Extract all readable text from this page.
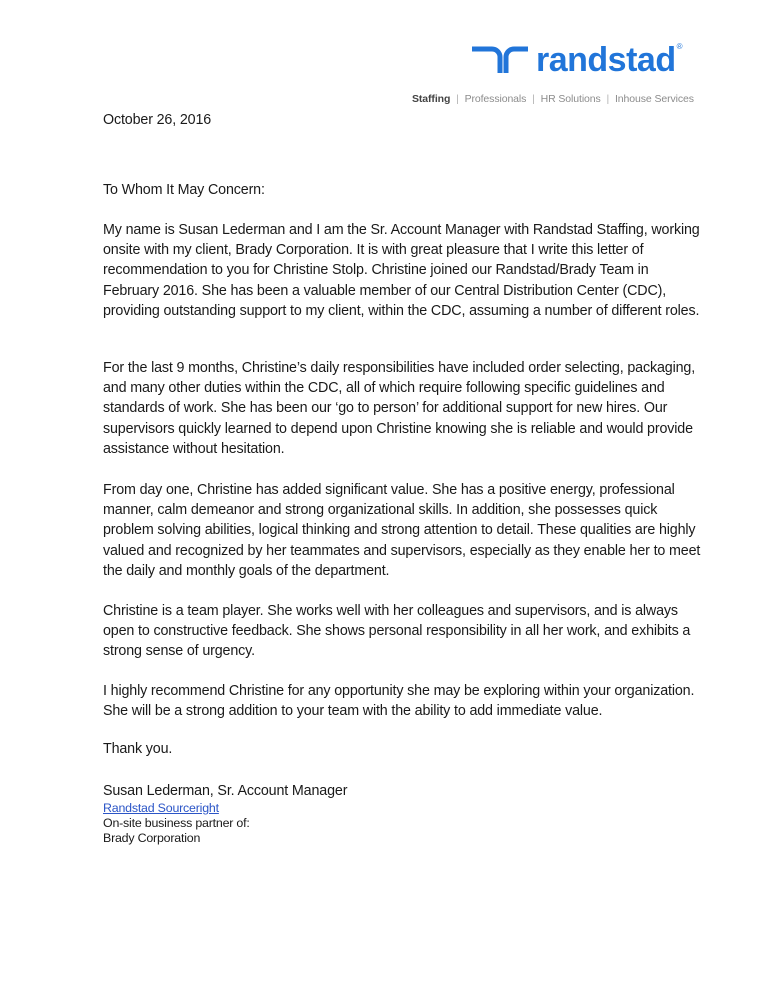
randstad ®
Staffing | Professionals | HR Solutions | Inhouse Services
October 26, 2016
To Whom It May Concern:

My name is Susan Lederman and I am the Sr. Account Manager with Randstad Staffing, working onsite with my client, Brady Corporation. It is with great pleasure that I write this letter of recommendation to you for Christine Stolp. Christine joined our Randstad/Brady Team in February 2016. She has been a valuable member of our Central Distribution Center (CDC), providing outstanding support to my client, within the CDC, assuming a number of different roles.

For the last 9 months, Christine’s daily responsibilities have included order selecting, packaging, and many other duties within the CDC, all of which require following specific guidelines and standards of work. She has been our ‘go to person’ for additional support for new hires. Our supervisors quickly learned to depend upon Christine knowing she is reliable and would provide assistance without hesitation.

From day one, Christine has added significant value. She has a positive energy, professional manner, calm demeanor and strong organizational skills. In addition, she possesses quick problem solving abilities, logical thinking and strong attention to detail. These qualities are highly valued and recognized by her teammates and supervisors, especially as they enable her to meet the daily and monthly goals of the department.

Christine is a team player. She works well with her colleagues and supervisors, and is always open to constructive feedback. She shows personal responsibility in all her work, and exhibits a strong sense of urgency.

I highly recommend Christine for any opportunity she may be exploring within your organization. She will be a strong addition to your team with the ability to add immediate value.

Thank you.
Susan Lederman, Sr. Account Manager
Randstad Sourceright
On-site business partner of:
Brady Corporation
